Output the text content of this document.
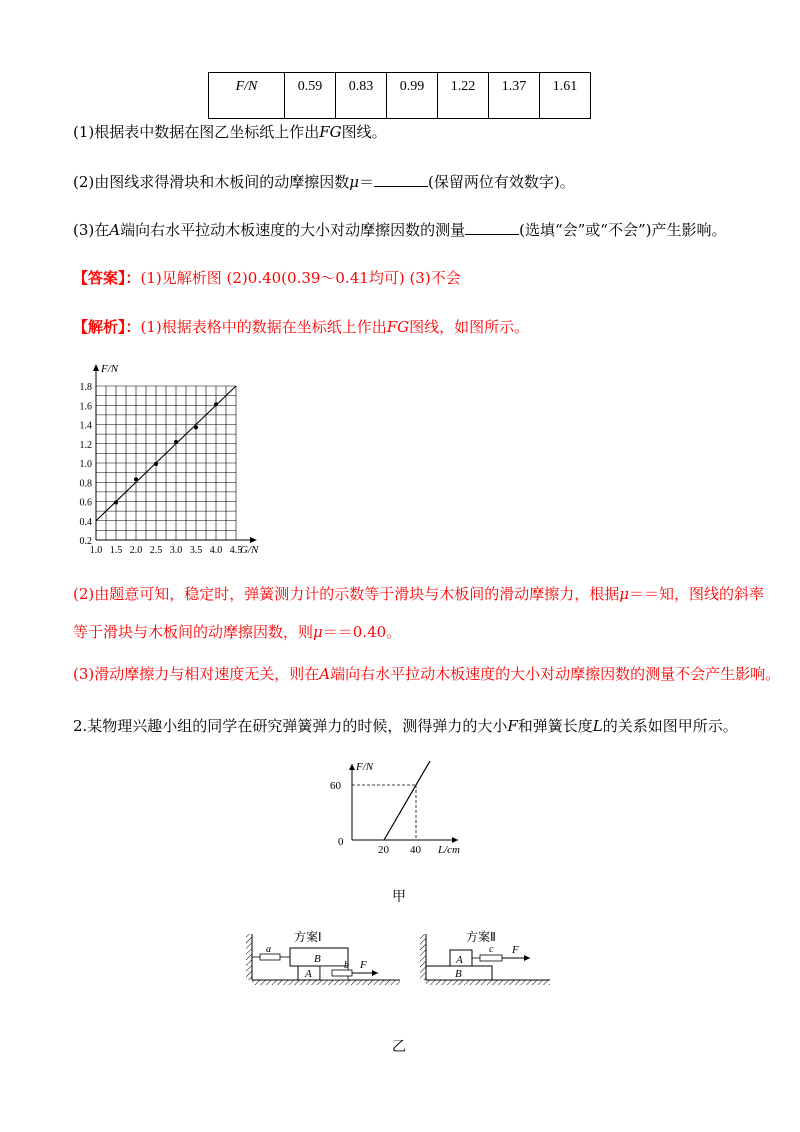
F/N	0.59	0.83	0.99	1.22	1.37	1.61
(1)根据表中数据在图乙坐标纸上作出FG图线。
(2)由图线求得滑块和木板间的动摩擦因数μ＝	(保留两位有效数字)。
(3)在A端向右水平拉动木板速度的大小对动摩擦因数的测量	(选填“会”或“不会”)产生影响。
【答案】：(1)见解析图 (2)0.40(0.39～0.41均可) (3)不会
【解析】：(1)根据表格中的数据在坐标纸上作出FG图线，如图所示。
0.2
0.4
0.6
0.8
1.0
1.2
1.4
1.6
1.8
1.0 1.5 2.0 2.5 3.0 3.5 4.0 4.5
G/N
F/N
(2)由题意可知，稳定时，弹簧测力计的示数等于滑块与木板间的滑动摩擦力，根据μ＝＝知，图线的斜率
等于滑块与木板间的动摩擦因数，则μ＝＝0.40。
(3)滑动摩擦力与相对速度无关，则在A端向右水平拉动木板速度的大小对动摩擦因数的测量不会产生影响。
2.某物理兴趣小组的同学在研究弹簧弹力的时候，测得弹力的大小F和弹簧长度L的关系如图甲所示。
F/N
60
0
20 40 L/cm
甲
方案Ⅰ
a
B
A
b F
方案Ⅱ
A
B
c F
乙
